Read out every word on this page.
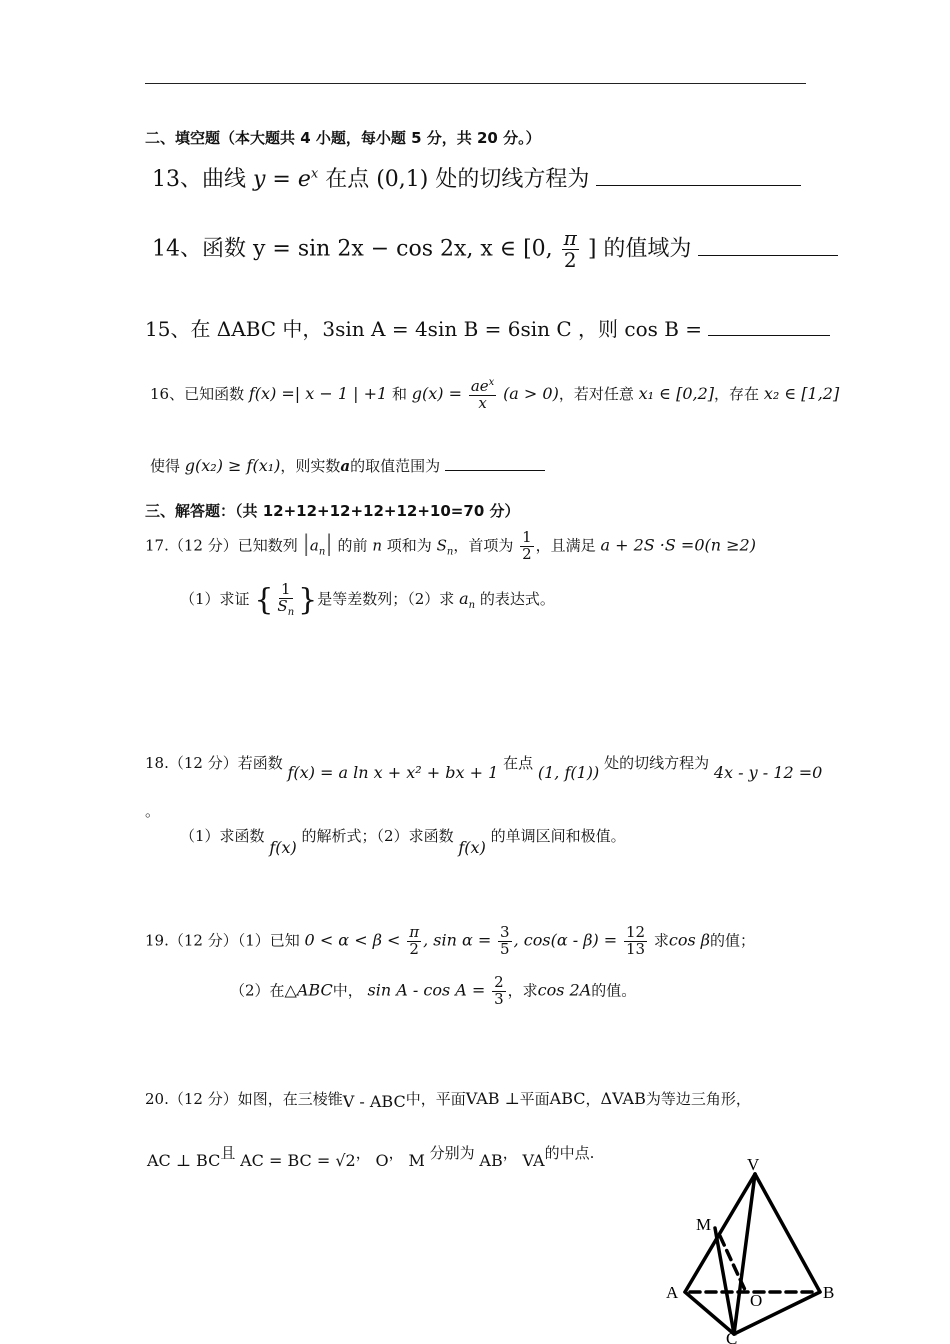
二、填空题（本大题共 4 小题，每小题 5 分，共 20 分。）
13、曲线 $y = e^x$ 在点 (0,1) 处的切线方程为
14、函数 y = sin 2x − cos 2x, x ∈ [0, $\frac{\pi}{2}$ ] 的值域为
15、在 ΔABC 中，3sin A = 4sin B = 6sin C ，则 cos B =
16、已知函数 f(x) =| x − 1 | +1 和 $g(x) = \frac{ae^x}{x} (a > 0)$，若对任意 x₁ ∈ [0,2]，存在 x₂ ∈ [1,2]
使得 g(x₂) ≥ f(x₁)，则实数a的取值范围为
三、解答题：（共 12+12+12+12+12+10=70 分）
17.（12 分）已知数列 $|a_n|$ 的前 n 项和为 $S_n$，首项为 $\frac{1}{2}$ ，且满足 a + 2S ·S =0(n ≥2)
（1）求证 { $\frac{1}{S_n}$ }是等差数列；（2）求 $a_n$ 的表达式。
18.（12 分）若函数 f(x) = a ln x + x² + bx + 1 在点 (1, f(1)) 处的切线方程为 4x - y - 12 =0
。
（1）求函数 f(x) 的解析式；（2）求函数 f(x) 的单调区间和极值。
19.（12 分）（1）已知 $0 < \alpha < \beta < \frac{\pi}{2}$ , $\sin \alpha = \frac{3}{5}$ , $\cos(\alpha - \beta) = \frac{12}{13}$ 求cos β的值；
（2）在△ABC中， $\sin A - \cos A = \frac{2}{3}$ ，求cos 2A的值。
20.（12 分）如图，在三棱锥V - ABC中，平面VAB ⊥平面ABC，ΔVAB为等边三角形，
AC ⊥ BC且 AC = BC = √2， O， M 分别为 AB， VA的中点.
V
M
A	O	B
C
